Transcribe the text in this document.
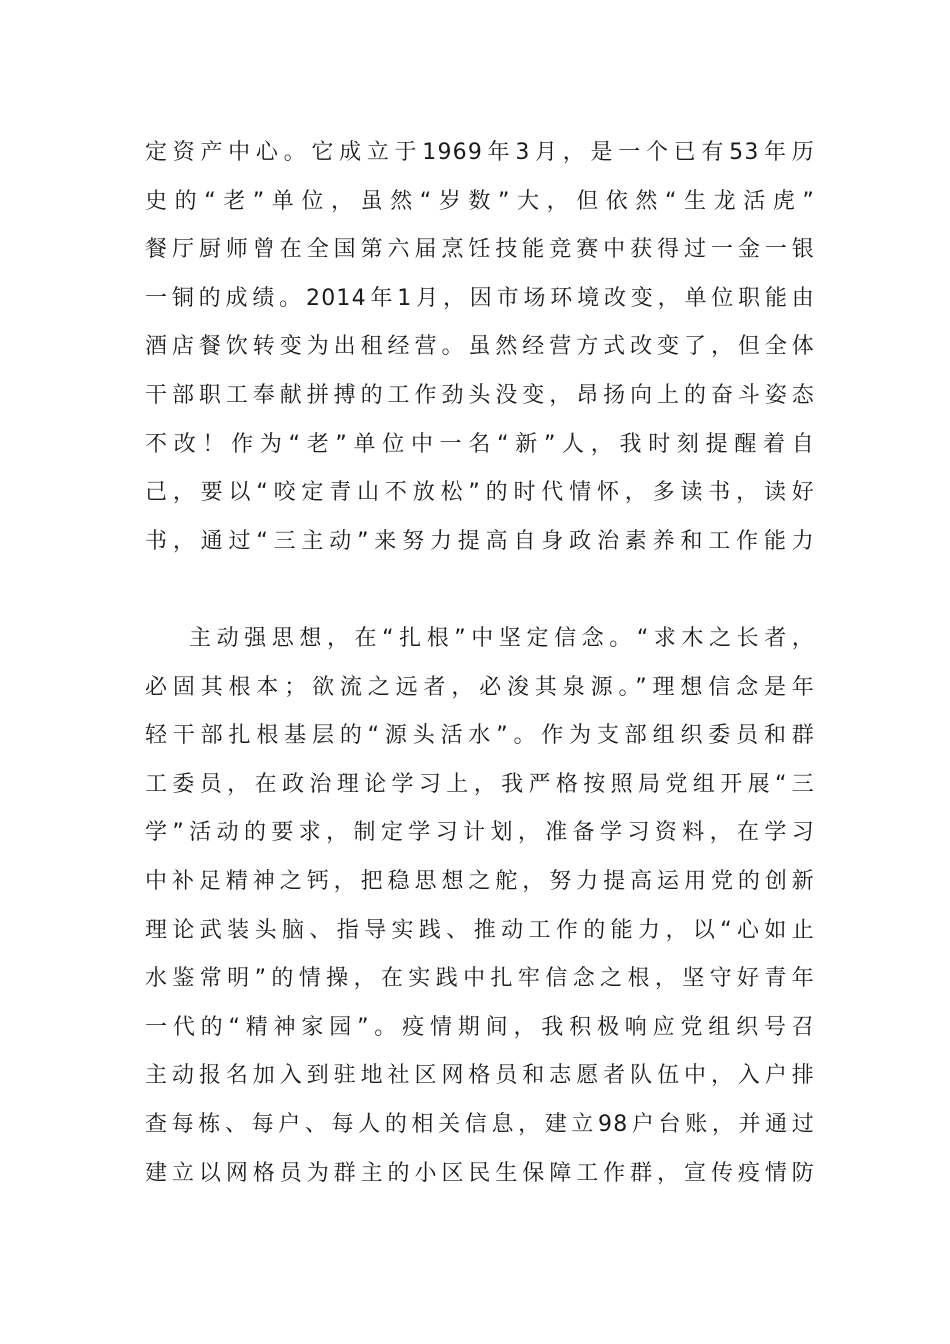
定资产中心。它成立于1969年3月，是一个已有53年历
史的“老”单位，虽然“岁数”大，但依然“生龙活虎”
餐厅厨师曾在全国第六届烹饪技能竞赛中获得过一金一银
一铜的成绩。2014年1月，因市场环境改变，单位职能由
酒店餐饮转变为出租经营。虽然经营方式改变了，但全体
干部职工奉献拼搏的工作劲头没变，昂扬向上的奋斗姿态
不改！作为“老”单位中一名“新”人，我时刻提醒着自
己，要以“咬定青山不放松”的时代情怀，多读书，读好
书，通过“三主动”来努力提高自身政治素养和工作能力
主动强思想，在“扎根”中坚定信念。“求木之长者，
必固其根本；欲流之远者，必浚其泉源。”理想信念是年
轻干部扎根基层的“源头活水”。作为支部组织委员和群
工委员，在政治理论学习上，我严格按照局党组开展“三
学”活动的要求，制定学习计划，准备学习资料，在学习
中补足精神之钙，把稳思想之舵，努力提高运用党的创新
理论武装头脑、指导实践、推动工作的能力，以“心如止
水鉴常明”的情操，在实践中扎牢信念之根，坚守好青年
一代的“精神家园”。疫情期间，我积极响应党组织号召
主动报名加入到驻地社区网格员和志愿者队伍中，入户排
查每栋、每户、每人的相关信息，建立98户台账，并通过
建立以网格员为群主的小区民生保障工作群，宣传疫情防
